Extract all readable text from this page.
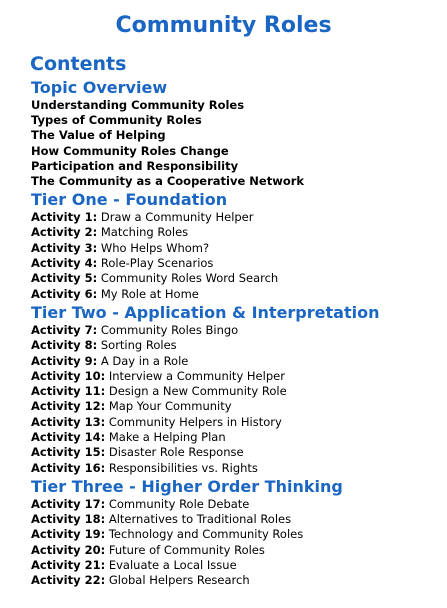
Community Roles
Contents
Topic Overview
Understanding Community Roles
Types of Community Roles
The Value of Helping
How Community Roles Change
Participation and Responsibility
The Community as a Cooperative Network
Tier One - Foundation
Activity 1: Draw a Community Helper
Activity 2: Matching Roles
Activity 3: Who Helps Whom?
Activity 4: Role-Play Scenarios
Activity 5: Community Roles Word Search
Activity 6: My Role at Home
Tier Two - Application & Interpretation
Activity 7: Community Roles Bingo
Activity 8: Sorting Roles
Activity 9: A Day in a Role
Activity 10: Interview a Community Helper
Activity 11: Design a New Community Role
Activity 12: Map Your Community
Activity 13: Community Helpers in History
Activity 14: Make a Helping Plan
Activity 15: Disaster Role Response
Activity 16: Responsibilities vs. Rights
Tier Three - Higher Order Thinking
Activity 17: Community Role Debate
Activity 18: Alternatives to Traditional Roles
Activity 19: Technology and Community Roles
Activity 20: Future of Community Roles
Activity 21: Evaluate a Local Issue
Activity 22: Global Helpers Research
